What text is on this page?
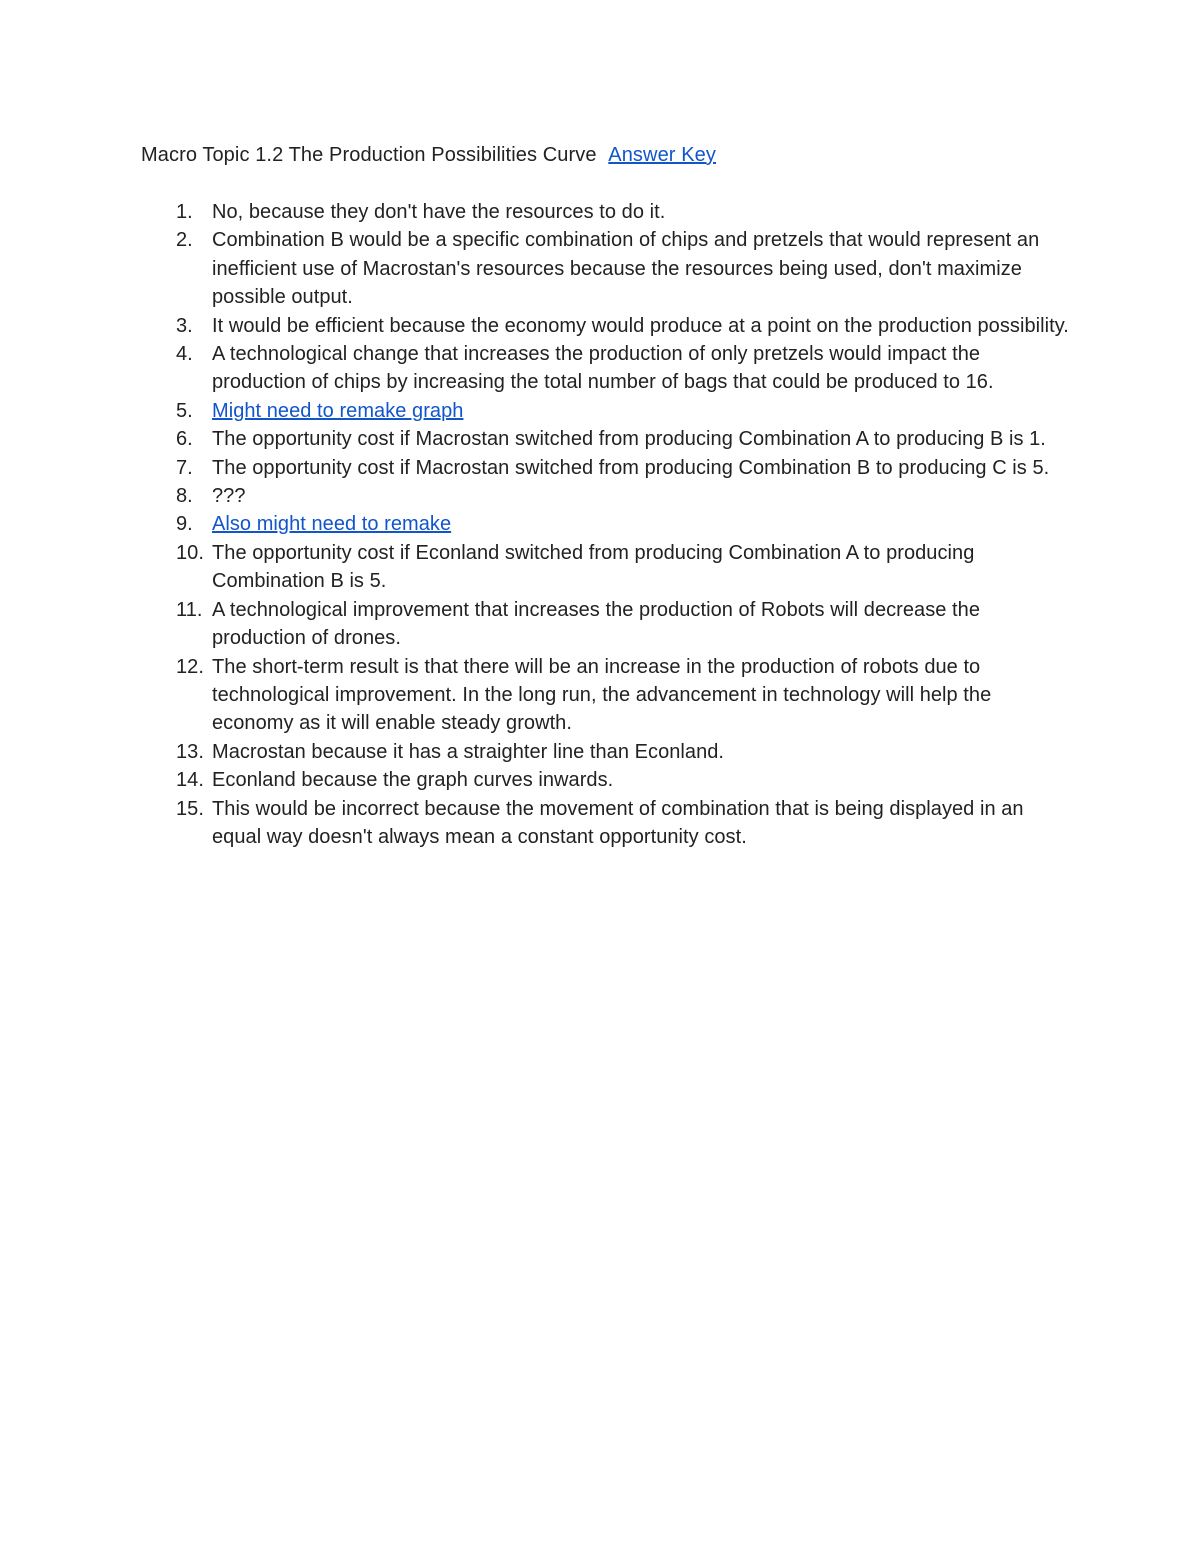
Macro Topic 1.2 The Production Possibilities Curve Answer Key
1. No, because they don't have the resources to do it.
2. Combination B would be a specific combination of chips and pretzels that would represent an inefficient use of Macrostan's resources because the resources being used, don't maximize possible output.
3. It would be efficient because the economy would produce at a point on the production possibility.
4. A technological change that increases the production of only pretzels would impact the production of chips by increasing the total number of bags that could be produced to 16.
5. Might need to remake graph
6. The opportunity cost if Macrostan switched from producing Combination A to producing B is 1.
7. The opportunity cost if Macrostan switched from producing Combination B to producing C is 5.
8. ???
9. Also might need to remake
10. The opportunity cost if Econland switched from producing Combination A to producing Combination B is 5.
11. A technological improvement that increases the production of Robots will decrease the production of drones.
12. The short-term result is that there will be an increase in the production of robots due to technological improvement. In the long run, the advancement in technology will help the economy as it will enable steady growth.
13. Macrostan because it has a straighter line than Econland.
14. Econland because the graph curves inwards.
15. This would be incorrect because the movement of combination that is being displayed in an equal way doesn't always mean a constant opportunity cost.
